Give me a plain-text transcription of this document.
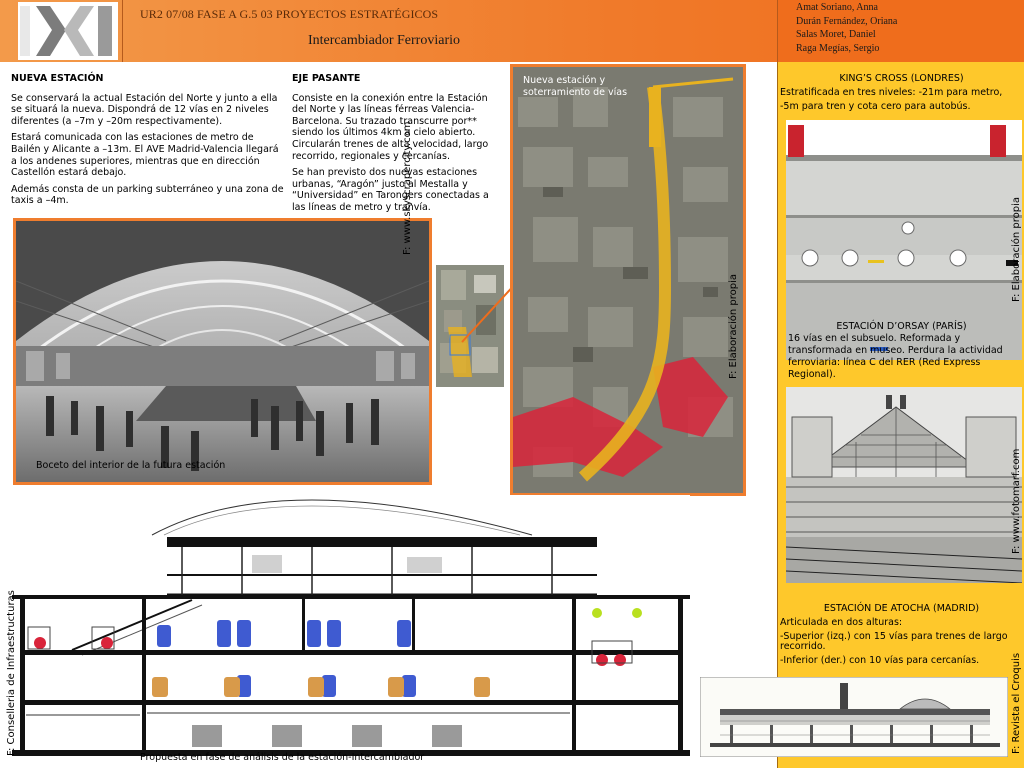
UR2 07/08 FASE A G.5 03 PROYECTOS ESTRATÉGICOS
Intercambiador Ferroviario
Amat Soriano, Anna
Durán Fernández, Oriana
Salas Moret, Daniel
Raga Megías, Sergio
NUEVA ESTACIÓN

Se conservará la actual Estación del Norte y junto a ella se situará la nueva. Dispondrá de 12 vías en 2 niveles diferentes (a –7m y –20m respectivamente).

Estará comunicada con las estaciones de metro de Bailén y Alicante a –13m. El AVE Madrid-Valencia llegará a los andenes superiores, mientras que en dirección Castellón estará debajo.

Además consta de un parking subterráneo y una zona de taxis a –4m.

EJE PASANTE

Consiste en la conexión entre la Estación del Norte y las líneas férreas Valencia-Barcelona. Su trazado transcurre por** siendo los últimos 4km a cielo abierto. Circularán trenes de alta velocidad, largo recorrido, regionales y cercanías.

Se han previsto dos nuevas estaciones urbanas, “Aragón” justo al Mestalla y “Universidad” en Tarongers conectadas a las líneas de metro y tranvía.

Boceto del interior de la futura estación
F: www.skyscrapercity.com
Nueva estación y soterramiento de vías
F: Elaboración propia
Propuesta en fase de análisis de la estación-Intercambiador
F: Conselleria de Infraestructuras
KING’S CROSS (LONDRES)
Estratificada en tres niveles: -21m para metro,
-5m para tren y cota cero para autobús.
F: Elaboración propia
ESTACIÓN D’ORSAY (PARÍS)
16 vías en el subsuelo. Reformada y transformada en museo. Perdura la actividad ferroviaria: línea C del RER (Red Express Regional).
F: www.fotomarf.com
ESTACIÓN DE ATOCHA (MADRID)
Articulada en dos alturas:
-Superior (izq.) con 15 vías para trenes de largo recorrido.
-Inferior (der.) con 10 vías para cercanías.	F: Revista el Croquis
